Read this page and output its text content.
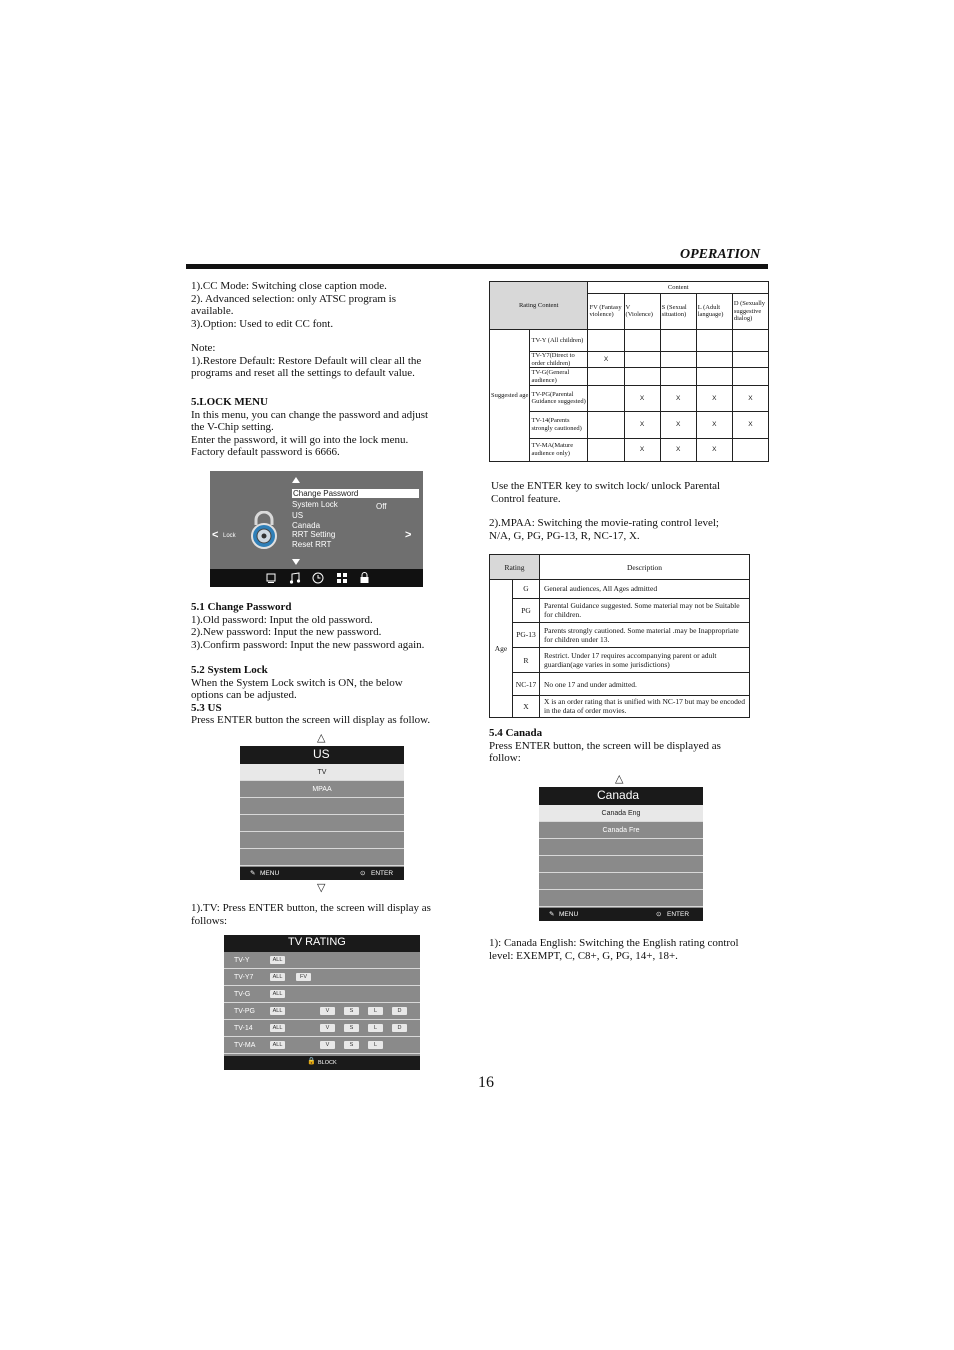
OPERATION
1).CC Mode: Switching close caption mode.
2). Advanced selection: only ATSC program is
available.
3).Option: Used to edit CC font.
Note:
1).Restore Default: Restore Default will clear all the
programs and reset all the settings to default value.
5.LOCK MENU
In this menu, you can change the password and adjust
the V-Chip setting.
Enter the password, it will go into the lock menu.
Factory default password is 6666.
Change Password
System Lock	Off
US
Canada
RRT Setting
Reset RRT
< Lock	>
5.1 Change Password
1).Old password: Input the old password.
2).New password: Input the new password.
3).Confirm password: Input the new password again.
5.2 System Lock
When the System Lock switch is ON, the below
options can be adjusted.
5.3 US
Press ENTER button the screen will display as follow.
△
US
TV
MPAA
✎ MENU	⊙ ENTER
▽
1).TV: Press ENTER button, the screen will display as
follows:
TV RATING
TV-Y	ALL
TV-Y7	ALL	FV
TV-G	ALL
TV-PG	ALL	V	S	L	D
TV-14	ALL	V	S	L	D
TV-MA	ALL	V	S	L
🔒 BLOCK
Rating Content		Content				
		FV (Fantasy violence)	V (Violence)	S (Sexual situation)	L (Adult language)	D (Sexually suggestive dialog)
Suggested age	TV-Y (All children)					
	TV-Y7(Direct to order children)	X				
	TV-G(General audience)					
	TV-PG(Parental Guidance suggested)		X	X	X	X
	TV-14(Parents strongly cautioned)		X	X	X	X
	TV-MA(Mature audience only)		X	X	X	
Use the ENTER key to switch lock/ unlock Parental
Control feature.
2).MPAA: Switching the movie-rating control level;
N/A, G, PG, PG-13, R, NC-17, X.
Rating		Description
Age	G	General audiences, All Ages admitted
	PG	Parental Guidance suggested. Some material may not be Suitable for children.
	PG-13	Parents strongly cautioned. Some material .may be Inappropriate for children under 13.
	R	Restrict. Under 17 requires accompanying parent or adult guardian(age varies in some jurisdictions)
	NC-17	No one 17 and under admitted.
	X	X is an order rating that is unified with NC-17 but may be encoded in the data of order movies.
5.4 Canada
Press ENTER button, the screen will be displayed as
follow:
△
Canada
Canada Eng
Canada Fre
✎ MENU	⊙ ENTER
1): Canada English: Switching the English rating control
level: EXEMPT, C, C8+, G, PG, 14+, 18+.
16
